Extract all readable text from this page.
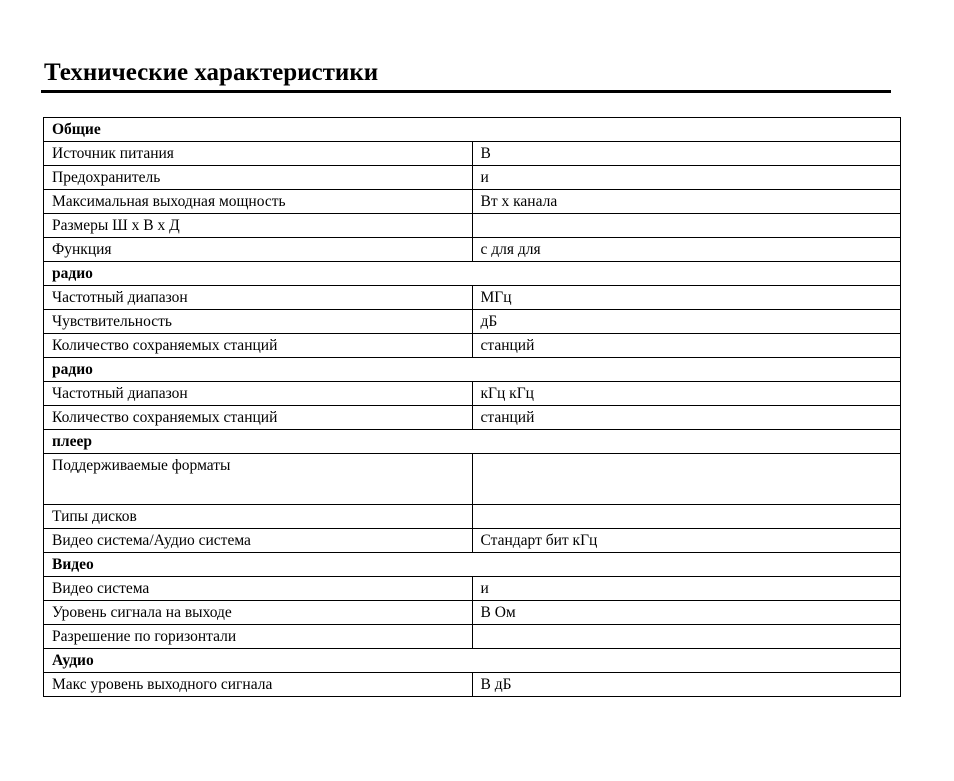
Технические характеристики
Общие	
Источник питания	В
Предохранитель	и
Максимальная выходная мощность	Вт х канала
Размеры Ш x В x Д	
Функция	с для для
радио	
Частотный диапазон	МГц
Чувствительность	дБ
Количество сохраняемых станций	станций
радио	
Частотный диапазон	кГц кГц
Количество сохраняемых станций	станций
плеер	
Поддерживаемые форматы	
Типы дисков	
Видео система/Аудио система	Стандарт бит кГц
Видео	
Видео система	и
Уровень сигнала на выходе	В Ом
Разрешение по горизонтали	
Аудио	
Макс уровень выходного сигнала	В дБ
